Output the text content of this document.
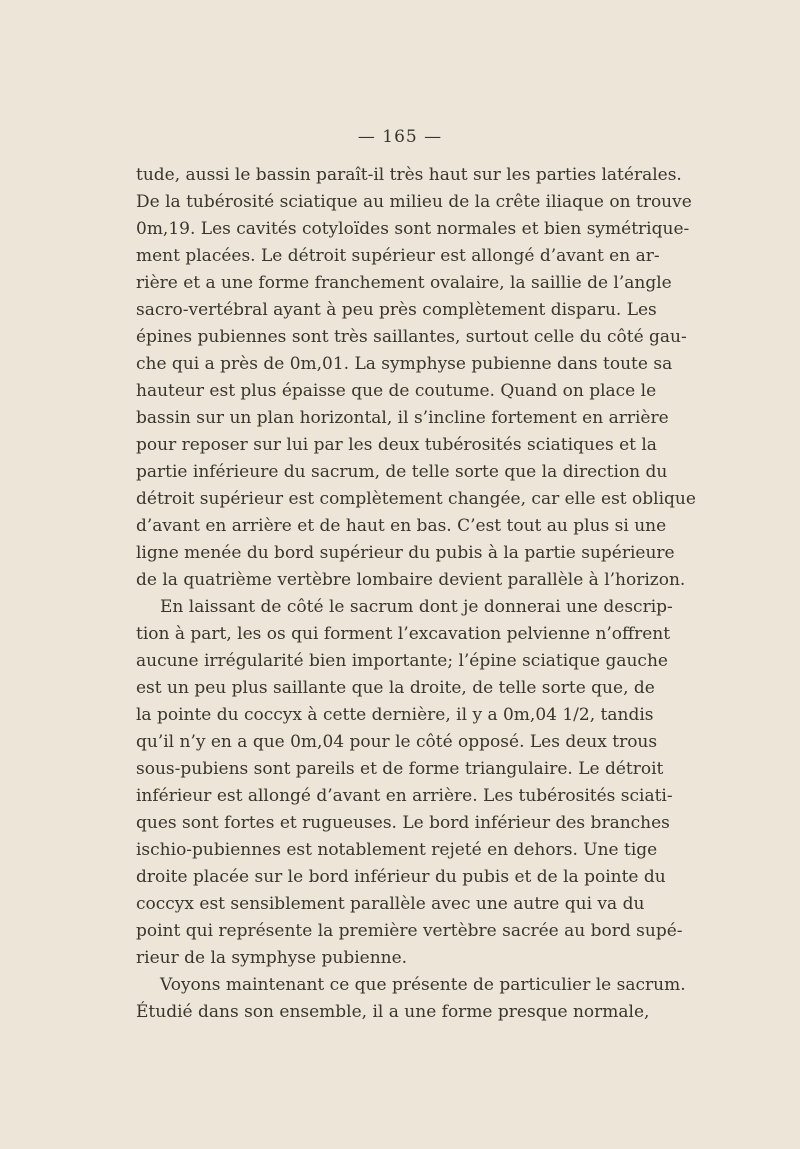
— 165 —
tude, aussi le bassin paraît-il très haut sur les parties latérales.
De la tubérosité sciatique au milieu de la crête iliaque on trouve
0m,19. Les cavités cotyloïdes sont normales et bien symétrique-
ment placées. Le détroit supérieur est allongé d’avant en ar-
rière et a une forme franchement ovalaire, la saillie de l’angle
sacro-vertébral ayant à peu près complètement disparu. Les
épines pubiennes sont très saillantes, surtout celle du côté gau-
che qui a près de 0m,01. La symphyse pubienne dans toute sa
hauteur est plus épaisse que de coutume. Quand on place le
bassin sur un plan horizontal, il s’incline fortement en arrière
pour reposer sur lui par les deux tubérosités sciatiques et la
partie inférieure du sacrum, de telle sorte que la direction du
détroit supérieur est complètement changée, car elle est oblique
d’avant en arrière et de haut en bas. C’est tout au plus si une
ligne menée du bord supérieur du pubis à la partie supérieure
de la quatrième vertèbre lombaire devient parallèle à l’horizon.
En laissant de côté le sacrum dont je donnerai une descrip-
tion à part, les os qui forment l’excavation pelvienne n’offrent
aucune irrégularité bien importante; l’épine sciatique gauche
est un peu plus saillante que la droite, de telle sorte que, de
la pointe du coccyx à cette dernière, il y a 0m,04 1/2, tandis
qu’il n’y en a que 0m,04 pour le côté opposé. Les deux trous
sous-pubiens sont pareils et de forme triangulaire. Le détroit
inférieur est allongé d’avant en arrière. Les tubérosités sciati-
ques sont fortes et rugueuses. Le bord inférieur des branches
ischio-pubiennes est notablement rejeté en dehors. Une tige
droite placée sur le bord inférieur du pubis et de la pointe du
coccyx est sensiblement parallèle avec une autre qui va du
point qui représente la première vertèbre sacrée au bord supé-
rieur de la symphyse pubienne.
Voyons maintenant ce que présente de particulier le sacrum.
Étudié dans son ensemble, il a une forme presque normale,
